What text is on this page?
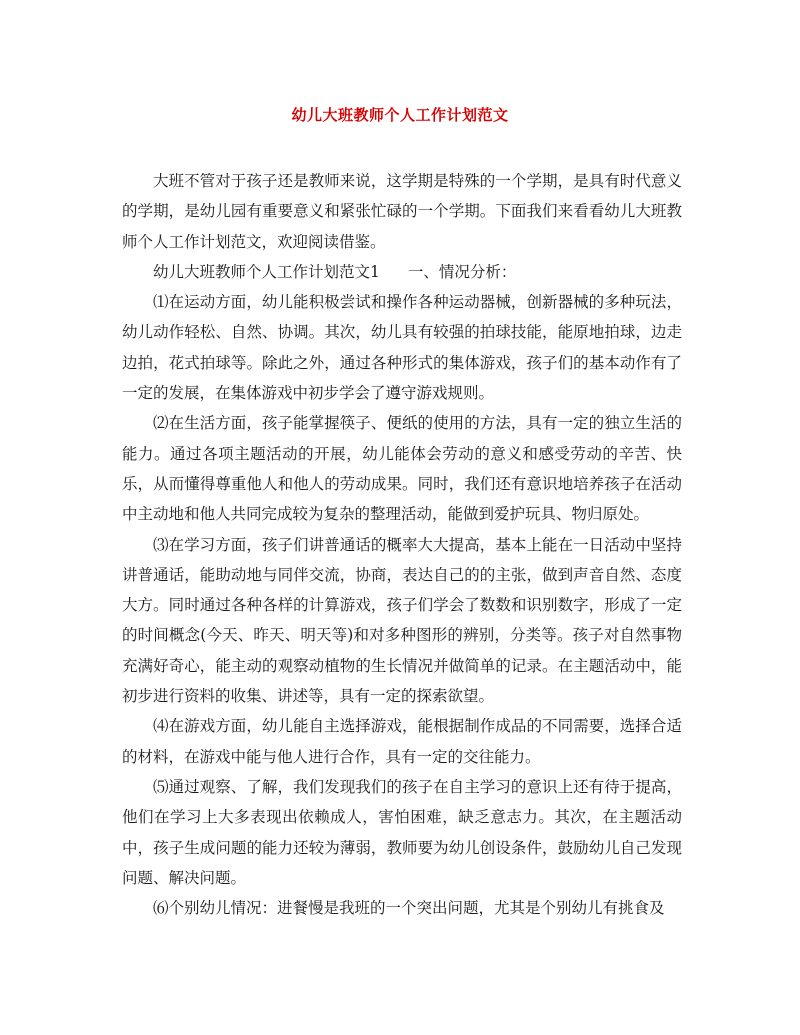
幼儿大班教师个人工作计划范文

大班不管对于孩子还是教师来说，这学期是特殊的一个学期，是具有时代意义的学期，是幼儿园有重要意义和紧张忙碌的一个学期。下面我们来看看幼儿大班教师个人工作计划范文，欢迎阅读借鉴。

幼儿大班教师个人工作计划范文1 一、情况分析：

⑴在运动方面，幼儿能积极尝试和操作各种运动器械，创新器械的多种玩法，幼儿动作轻松、自然、协调。其次，幼儿具有较强的拍球技能，能原地拍球，边走边拍，花式拍球等。除此之外，通过各种形式的集体游戏，孩子们的基本动作有了一定的发展，在集体游戏中初步学会了遵守游戏规则。

⑵在生活方面，孩子能掌握筷子、便纸的使用的方法，具有一定的独立生活的能力。通过各项主题活动的开展，幼儿能体会劳动的意义和感受劳动的辛苦、快乐，从而懂得尊重他人和他人的劳动成果。同时，我们还有意识地培养孩子在活动中主动地和他人共同完成较为复杂的整理活动，能做到爱护玩具、物归原处。

⑶在学习方面，孩子们讲普通话的概率大大提高，基本上能在一日活动中坚持讲普通话，能助动地与同伴交流，协商，表达自己的的主张，做到声音自然、态度大方。同时通过各种各样的计算游戏，孩子们学会了数数和识别数字，形成了一定的时间概念(今天、昨天、明天等)和对多种图形的辨别，分类等。孩子对自然事物充满好奇心，能主动的观察动植物的生长情况并做简单的记录。在主题活动中，能初步进行资料的收集、讲述等，具有一定的探索欲望。

⑷在游戏方面，幼儿能自主选择游戏，能根据制作成品的不同需要，选择合适的材料，在游戏中能与他人进行合作，具有一定的交往能力。

⑸通过观察、了解，我们发现我们的孩子在自主学习的意识上还有待于提高，他们在学习上大多表现出依赖成人，害怕困难，缺乏意志力。其次，在主题活动中，孩子生成问题的能力还较为薄弱，教师要为幼儿创设条件，鼓励幼儿自己发现问题、解决问题。

⑹个别幼儿情况：进餐慢是我班的一个突出问题，尤其是个别幼儿有挑食及
